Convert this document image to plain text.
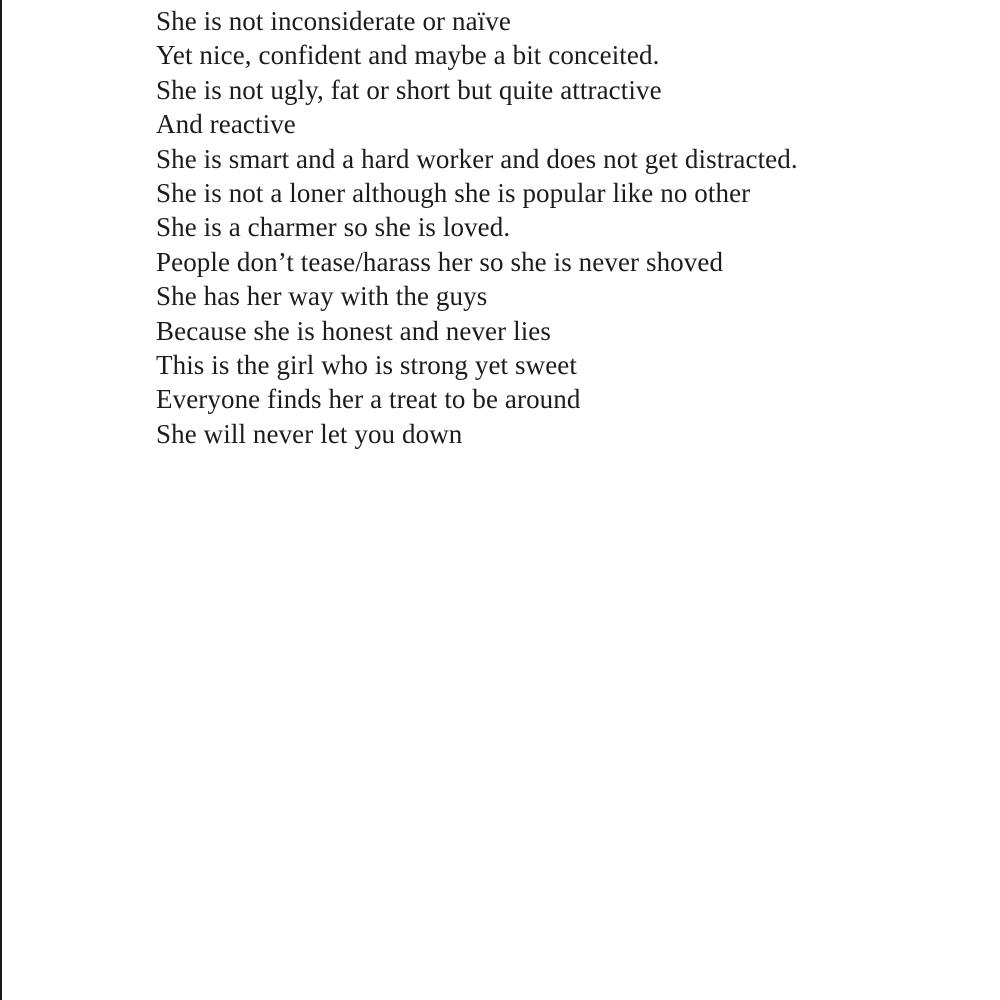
She is not inconsiderate or naïve
Yet nice, confident and maybe a bit conceited.
She is not ugly, fat or short but quite attractive
And reactive
She is smart and a hard worker and does not get distracted.
She is not a loner although she is popular like no other
She is a charmer so she is loved.
People don’t tease/harass her so she is never shoved
She has her way with the guys
Because she is honest and never lies
This is the girl who is strong yet sweet
Everyone finds her a treat to be around
She will never let you down
